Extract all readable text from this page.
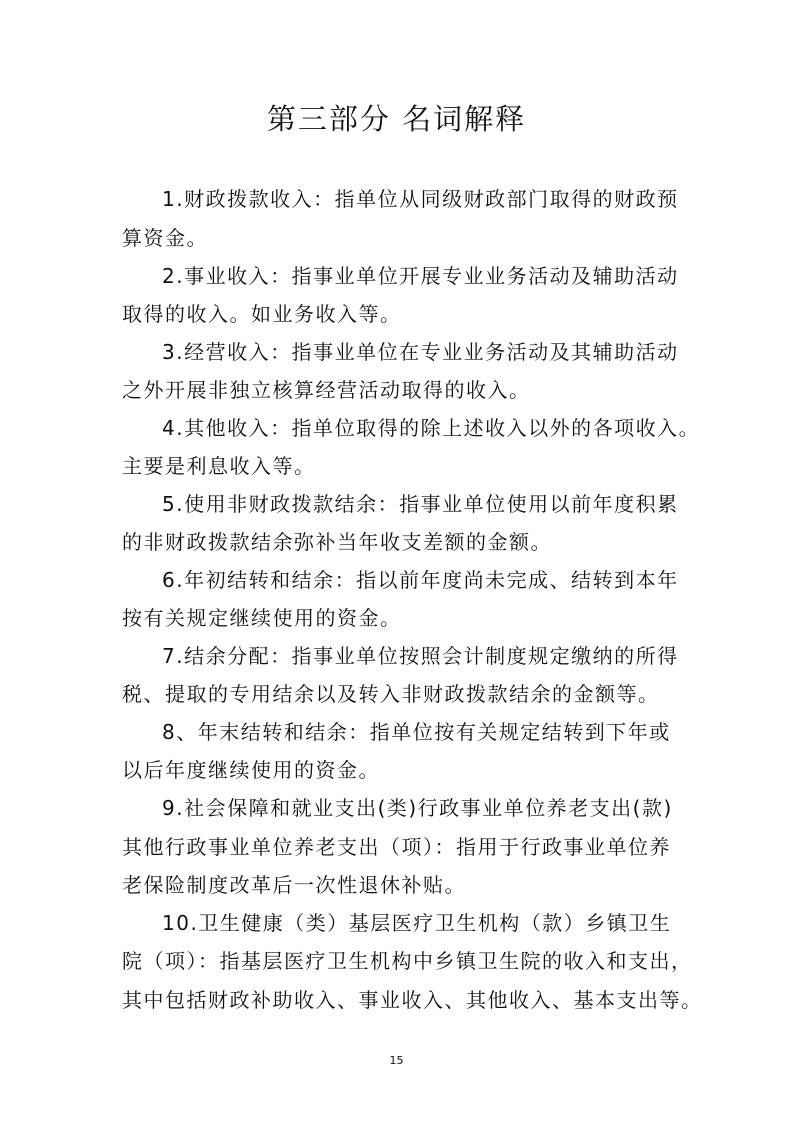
第三部分 名词解释

1.财政拨款收入：指单位从同级财政部门取得的财政预

算资金。

2.事业收入：指事业单位开展专业业务活动及辅助活动

取得的收入。如业务收入等。

3.经营收入：指事业单位在专业业务活动及其辅助活动

之外开展非独立核算经营活动取得的收入。

4.其他收入：指单位取得的除上述收入以外的各项收入。

主要是利息收入等。

5.使用非财政拨款结余：指事业单位使用以前年度积累

的非财政拨款结余弥补当年收支差额的金额。

6.年初结转和结余：指以前年度尚未完成、结转到本年

按有关规定继续使用的资金。

7.结余分配：指事业单位按照会计制度规定缴纳的所得

税、提取的专用结余以及转入非财政拨款结余的金额等。

8、年末结转和结余：指单位按有关规定结转到下年或

以后年度继续使用的资金。

9.社会保障和就业支出(类)行政事业单位养老支出(款)

其他行政事业单位养老支出（项）：指用于行政事业单位养

老保险制度改革后一次性退休补贴。

10.卫生健康（类）基层医疗卫生机构（款）乡镇卫生

院（项）：指基层医疗卫生机构中乡镇卫生院的收入和支出，

其中包括财政补助收入、事业收入、其他收入、基本支出等。

15
